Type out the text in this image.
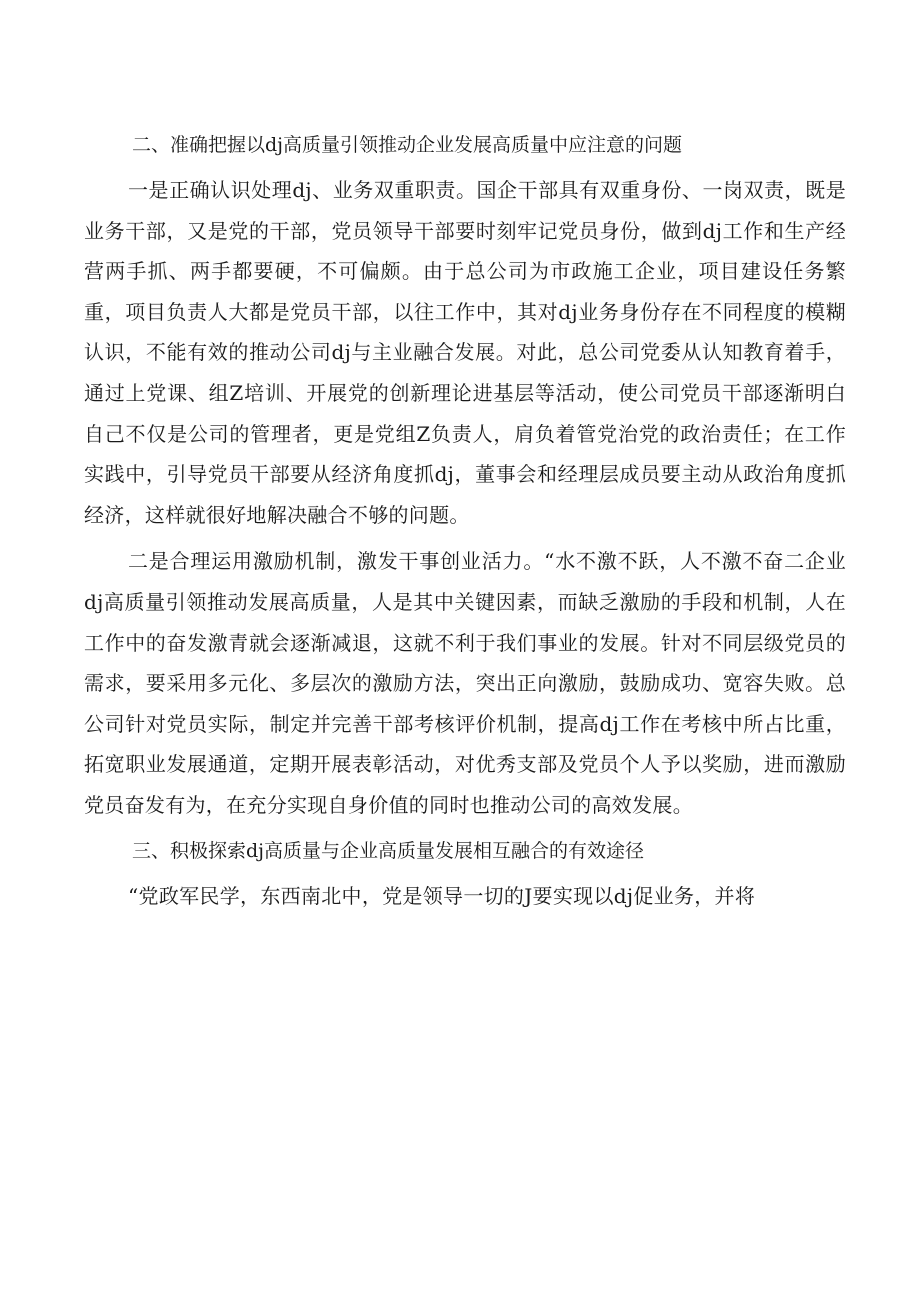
二、准确把握以dj高质量引领推动企业发展高质量中应注意的问题

一是正确认识处理dj、业务双重职责。国企干部具有双重身份、一岗双责，既是业务干部，又是党的干部，党员领导干部要时刻牢记党员身份，做到dj工作和生产经营两手抓、两手都要硬，不可偏颇。由于总公司为市政施工企业，项目建设任务繁重，项目负责人大都是党员干部，以往工作中，其对dj业务身份存在不同程度的模糊认识，不能有效的推动公司dj与主业融合发展。对此，总公司党委从认知教育着手，通过上党课、组Z培训、开展党的创新理论进基层等活动，使公司党员干部逐渐明白自己不仅是公司的管理者，更是党组Z负责人，肩负着管党治党的政治责任；在工作实践中，引导党员干部要从经济角度抓dj，董事会和经理层成员要主动从政治角度抓经济，这样就很好地解决融合不够的问题。

二是合理运用激励机制，激发干事创业活力。“水不激不跃，人不激不奋二企业dj高质量引领推动发展高质量，人是其中关键因素，而缺乏激励的手段和机制，人在工作中的奋发激青就会逐渐减退，这就不利于我们事业的发展。针对不同层级党员的需求，要采用多元化、多层次的激励方法，突出正向激励，鼓励成功、宽容失败。总公司针对党员实际，制定并完善干部考核评价机制，提高dj工作在考核中所占比重，拓宽职业发展通道，定期开展表彰活动，对优秀支部及党员个人予以奖励，进而激励党员奋发有为，在充分实现自身价值的同时也推动公司的高效发展。

三、积极探索dj高质量与企业高质量发展相互融合的有效途径

“党政军民学，东西南北中，党是领导一切的J要实现以dj促业务，并将
